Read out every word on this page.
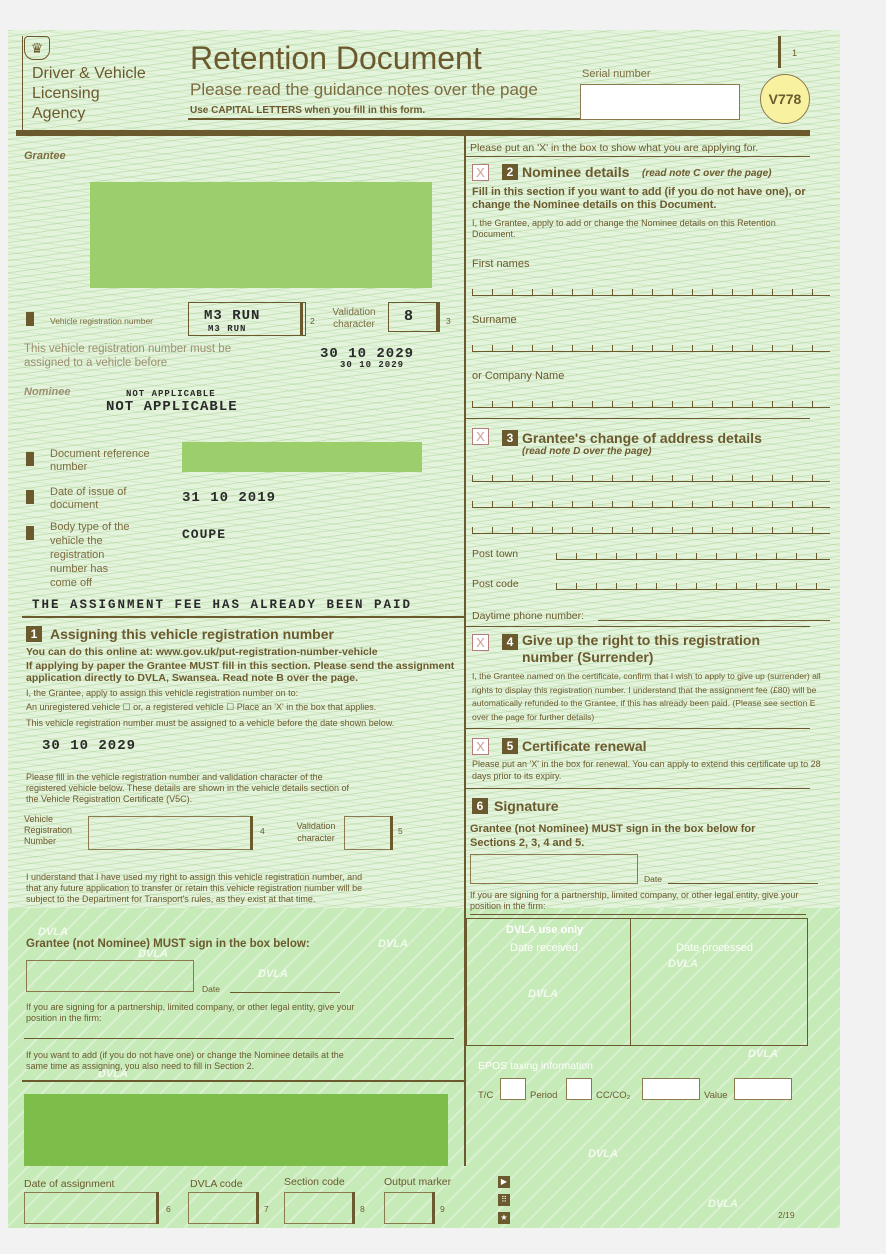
DVLA
DVLA
DVLA
DVLA
DVLA
DVLA
DVLA
DVLA
DVLA
DVLA
♛
Driver & Vehicle
Licensing
Agency
Retention Document
Please read the guidance notes over the page
Use CAPITAL LETTERS when you fill in this form.
1
Serial number
V778
Grantee
Vehicle registration number	M3 RUN
M3 RUN
2
Validation character	8	3
This vehicle registration number must be assigned to a vehicle before
30 10 2029
30 10 2029
Nominee	NOT APPLICABLE
NOT APPLICABLE
Document reference number
Date of issue of document	31 10 2019
Body type of the vehicle the registration number has come off
COUPE
THE ASSIGNMENT FEE HAS ALREADY BEEN PAID
1 Assigning this vehicle registration number
You can do this online at: www.gov.uk/put-registration-number-vehicle
If applying by paper the Grantee MUST fill in this section. Please send the assignment application directly to DVLA, Swansea. Read note B over the page.
I, the Grantee, apply to assign this vehicle registration number on to:
An unregistered vehicle ☐ or, a registered vehicle ☐ Place an 'X' in the box that applies.
This vehicle registration number must be assigned to a vehicle before the date shown below.
30 10 2029
Please fill in the vehicle registration number and validation character of the registered vehicle below. These details are shown in the vehicle details section of the Vehicle Registration Certificate (V5C).
Vehicle Registration Number
4	Validation character
5
I understand that I have used my right to assign this vehicle registration number, and that any future application to transfer or retain this vehicle registration number will be subject to the Department for Transport's rules, as they exist at that time.
Grantee (not Nominee) MUST sign in the box below:
Date
If you are signing for a partnership, limited company, or other legal entity, give your position in the firm:
If you want to add (if you do not have one) or change the Nominee details at the same time as assigning, you also need to fill in Section 2.
Date of assignment
6
DVLA code
7
Section code
8
Output marker
9
▶
⠿
★	2/19
Please put an 'X' in the box to show what you are applying for.
X	2 Nominee details (read note C over the page)
Fill in this section if you want to add (if you do not have one), or change the Nominee details on this Document.
I, the Grantee, apply to add or change the Nominee details on this Retention Document.
First names
Surname
or Company Name
X	3 Grantee's change of address details
(read note D over the page)
Post town
Post code
Daytime phone number:
X	4 Give up the right to this registration number (Surrender)
I, the Grantee named on the certificate, confirm that I wish to apply to give up (surrender) all rights to display this registration number. I understand that the assignment fee (£80) will be automatically refunded to the Grantee, if this has already been paid. (Please see section E over the page for further details)
X	5 Certificate renewal
Please put an 'X' in the box for renewal. You can apply to extend this certificate up to 28 days prior to its expiry.
6 Signature
Grantee (not Nominee) MUST sign in the box below for Sections 2, 3, 4 and 5.
Date
If you are signing for a partnership, limited company, or other legal entity, give your position in the firm:
DVLA use only
Date received	Date processed
EPOS taxing information
T/C	Period	CC/CO₂	Value
